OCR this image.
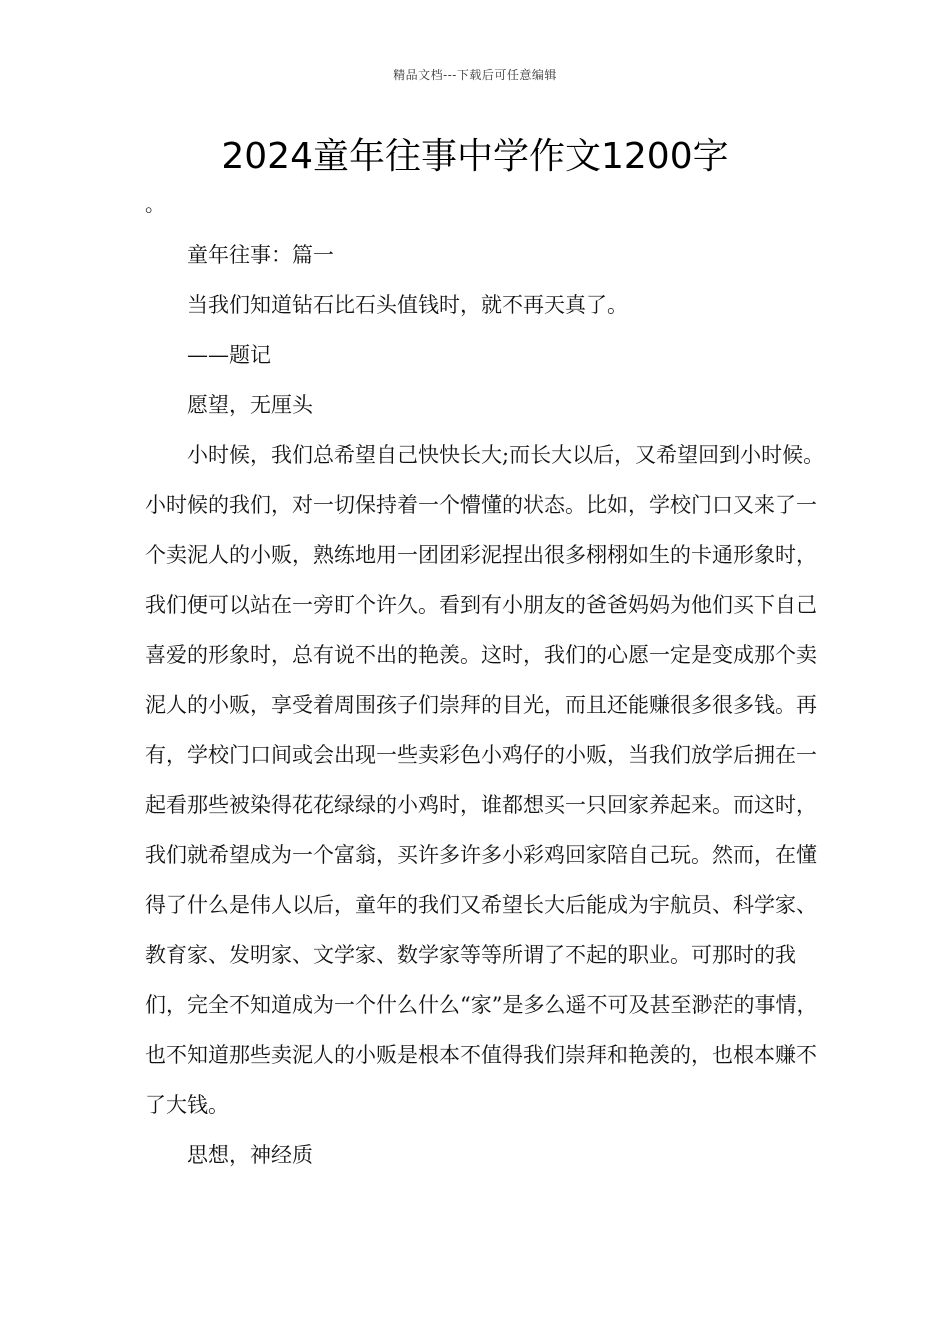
精品文档---下载后可任意编辑
2024童年往事中学作文1200字
。

童年往事：篇一

当我们知道钻石比石头值钱时，就不再天真了。

——题记

愿望，无厘头

小时候，我们总希望自己快快长大;而长大以后，又希望回到小时候。小时候的我们，对一切保持着一个懵懂的状态。比如，学校门口又来了一个卖泥人的小贩，熟练地用一团团彩泥捏出很多栩栩如生的卡通形象时，我们便可以站在一旁盯个许久。看到有小朋友的爸爸妈妈为他们买下自己喜爱的形象时，总有说不出的艳羡。这时，我们的心愿一定是变成那个卖泥人的小贩，享受着周围孩子们崇拜的目光，而且还能赚很多很多钱。再有，学校门口间或会出现一些卖彩色小鸡仔的小贩，当我们放学后拥在一起看那些被染得花花绿绿的小鸡时，谁都想买一只回家养起来。而这时，我们就希望成为一个富翁，买许多许多小彩鸡回家陪自己玩。然而，在懂得了什么是伟人以后，童年的我们又希望长大后能成为宇航员、科学家、教育家、发明家、文学家、数学家等等所谓了不起的职业。可那时的我们，完全不知道成为一个什么什么“家”是多么遥不可及甚至渺茫的事情，也不知道那些卖泥人的小贩是根本不值得我们崇拜和艳羡的，也根本赚不了大钱。

思想，神经质
